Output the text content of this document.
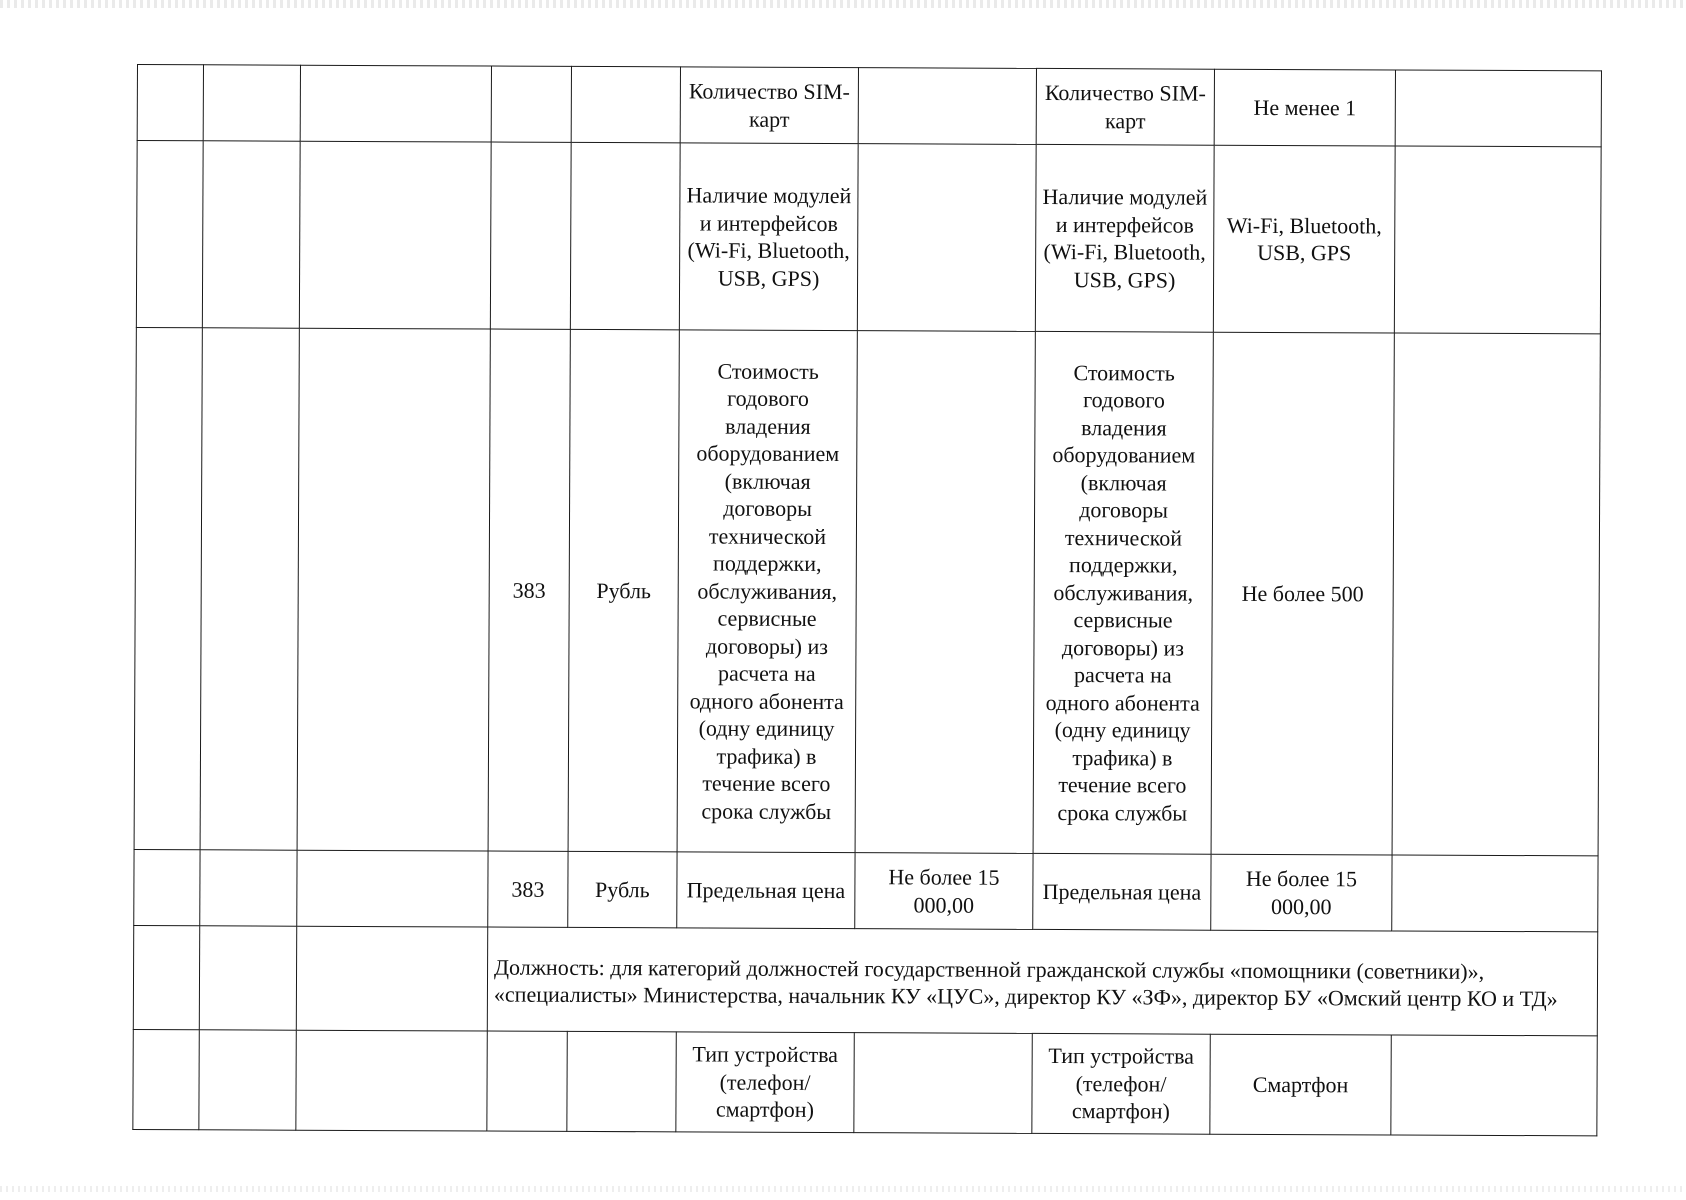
					Количество SIM-карт		Количество SIM-карт	Не менее 1	
					Наличие модулей и интерфейсов (Wi-Fi, Bluetooth, USB, GPS)		Наличие модулей и интерфейсов (Wi-Fi, Bluetooth, USB, GPS)	Wi-Fi, Bluetooth, USB, GPS	
			383	Рубль	Стоимость годового владения оборудованием (включая договоры технической поддержки, обслуживания, сервисные договоры) из расчета на одного абонента (одну единицу трафика) в течение всего срока службы		Стоимость годового владения оборудованием (включая договоры технической поддержки, обслуживания, сервисные договоры) из расчета на одного абонента (одну единицу трафика) в течение всего срока службы	Не более 500	
			383	Рубль	Предельная цена	Не более 15 000,00	Предельная цена	Не более 15 000,00	
			Должность: для категорий должностей государственной гражданской службы «помощники (советники)», «специалисты» Министерства, начальник КУ «ЦУС», директор КУ «ЗФ», директор БУ «Омский центр КО и ТД»						
					Тип устройства (телефон/смартфон)		Тип устройства (телефон/смартфон)	Смартфон	
